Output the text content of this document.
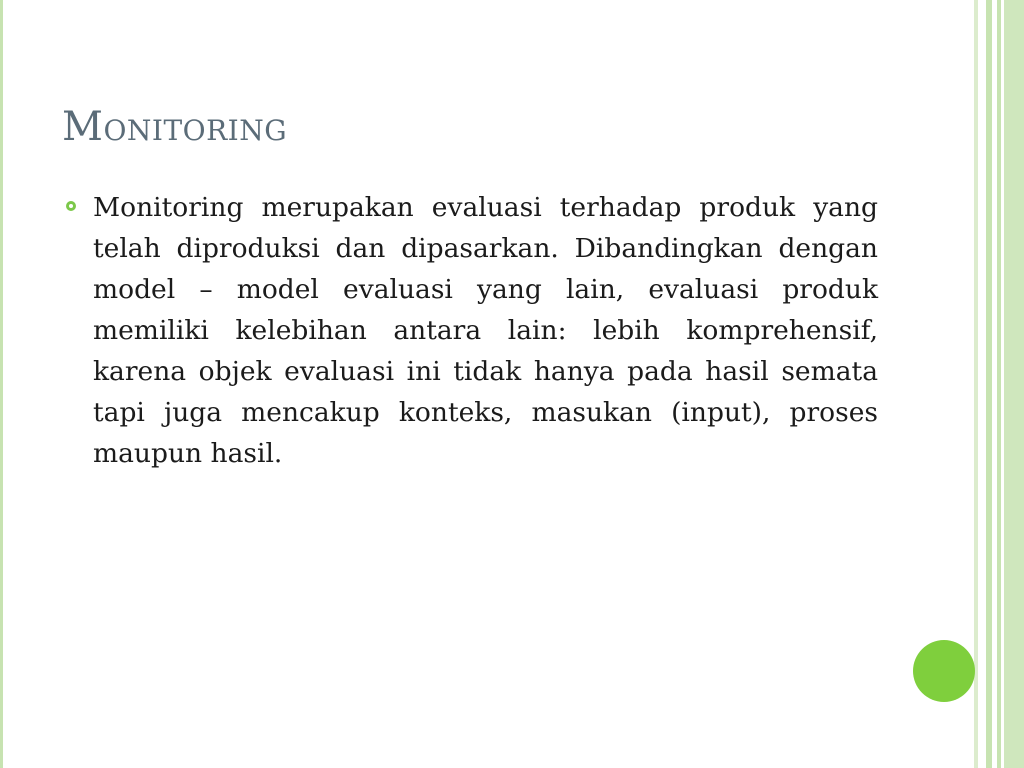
Monitoring

Monitoring merupakan evaluasi terhadap produk yang telah diproduksi dan dipasarkan. Dibandingkan dengan model – model evaluasi yang lain, evaluasi produk memiliki kelebihan antara lain: lebih komprehensif, karena objek evaluasi ini tidak hanya pada hasil semata tapi juga mencakup konteks, masukan (input), proses maupun hasil.
